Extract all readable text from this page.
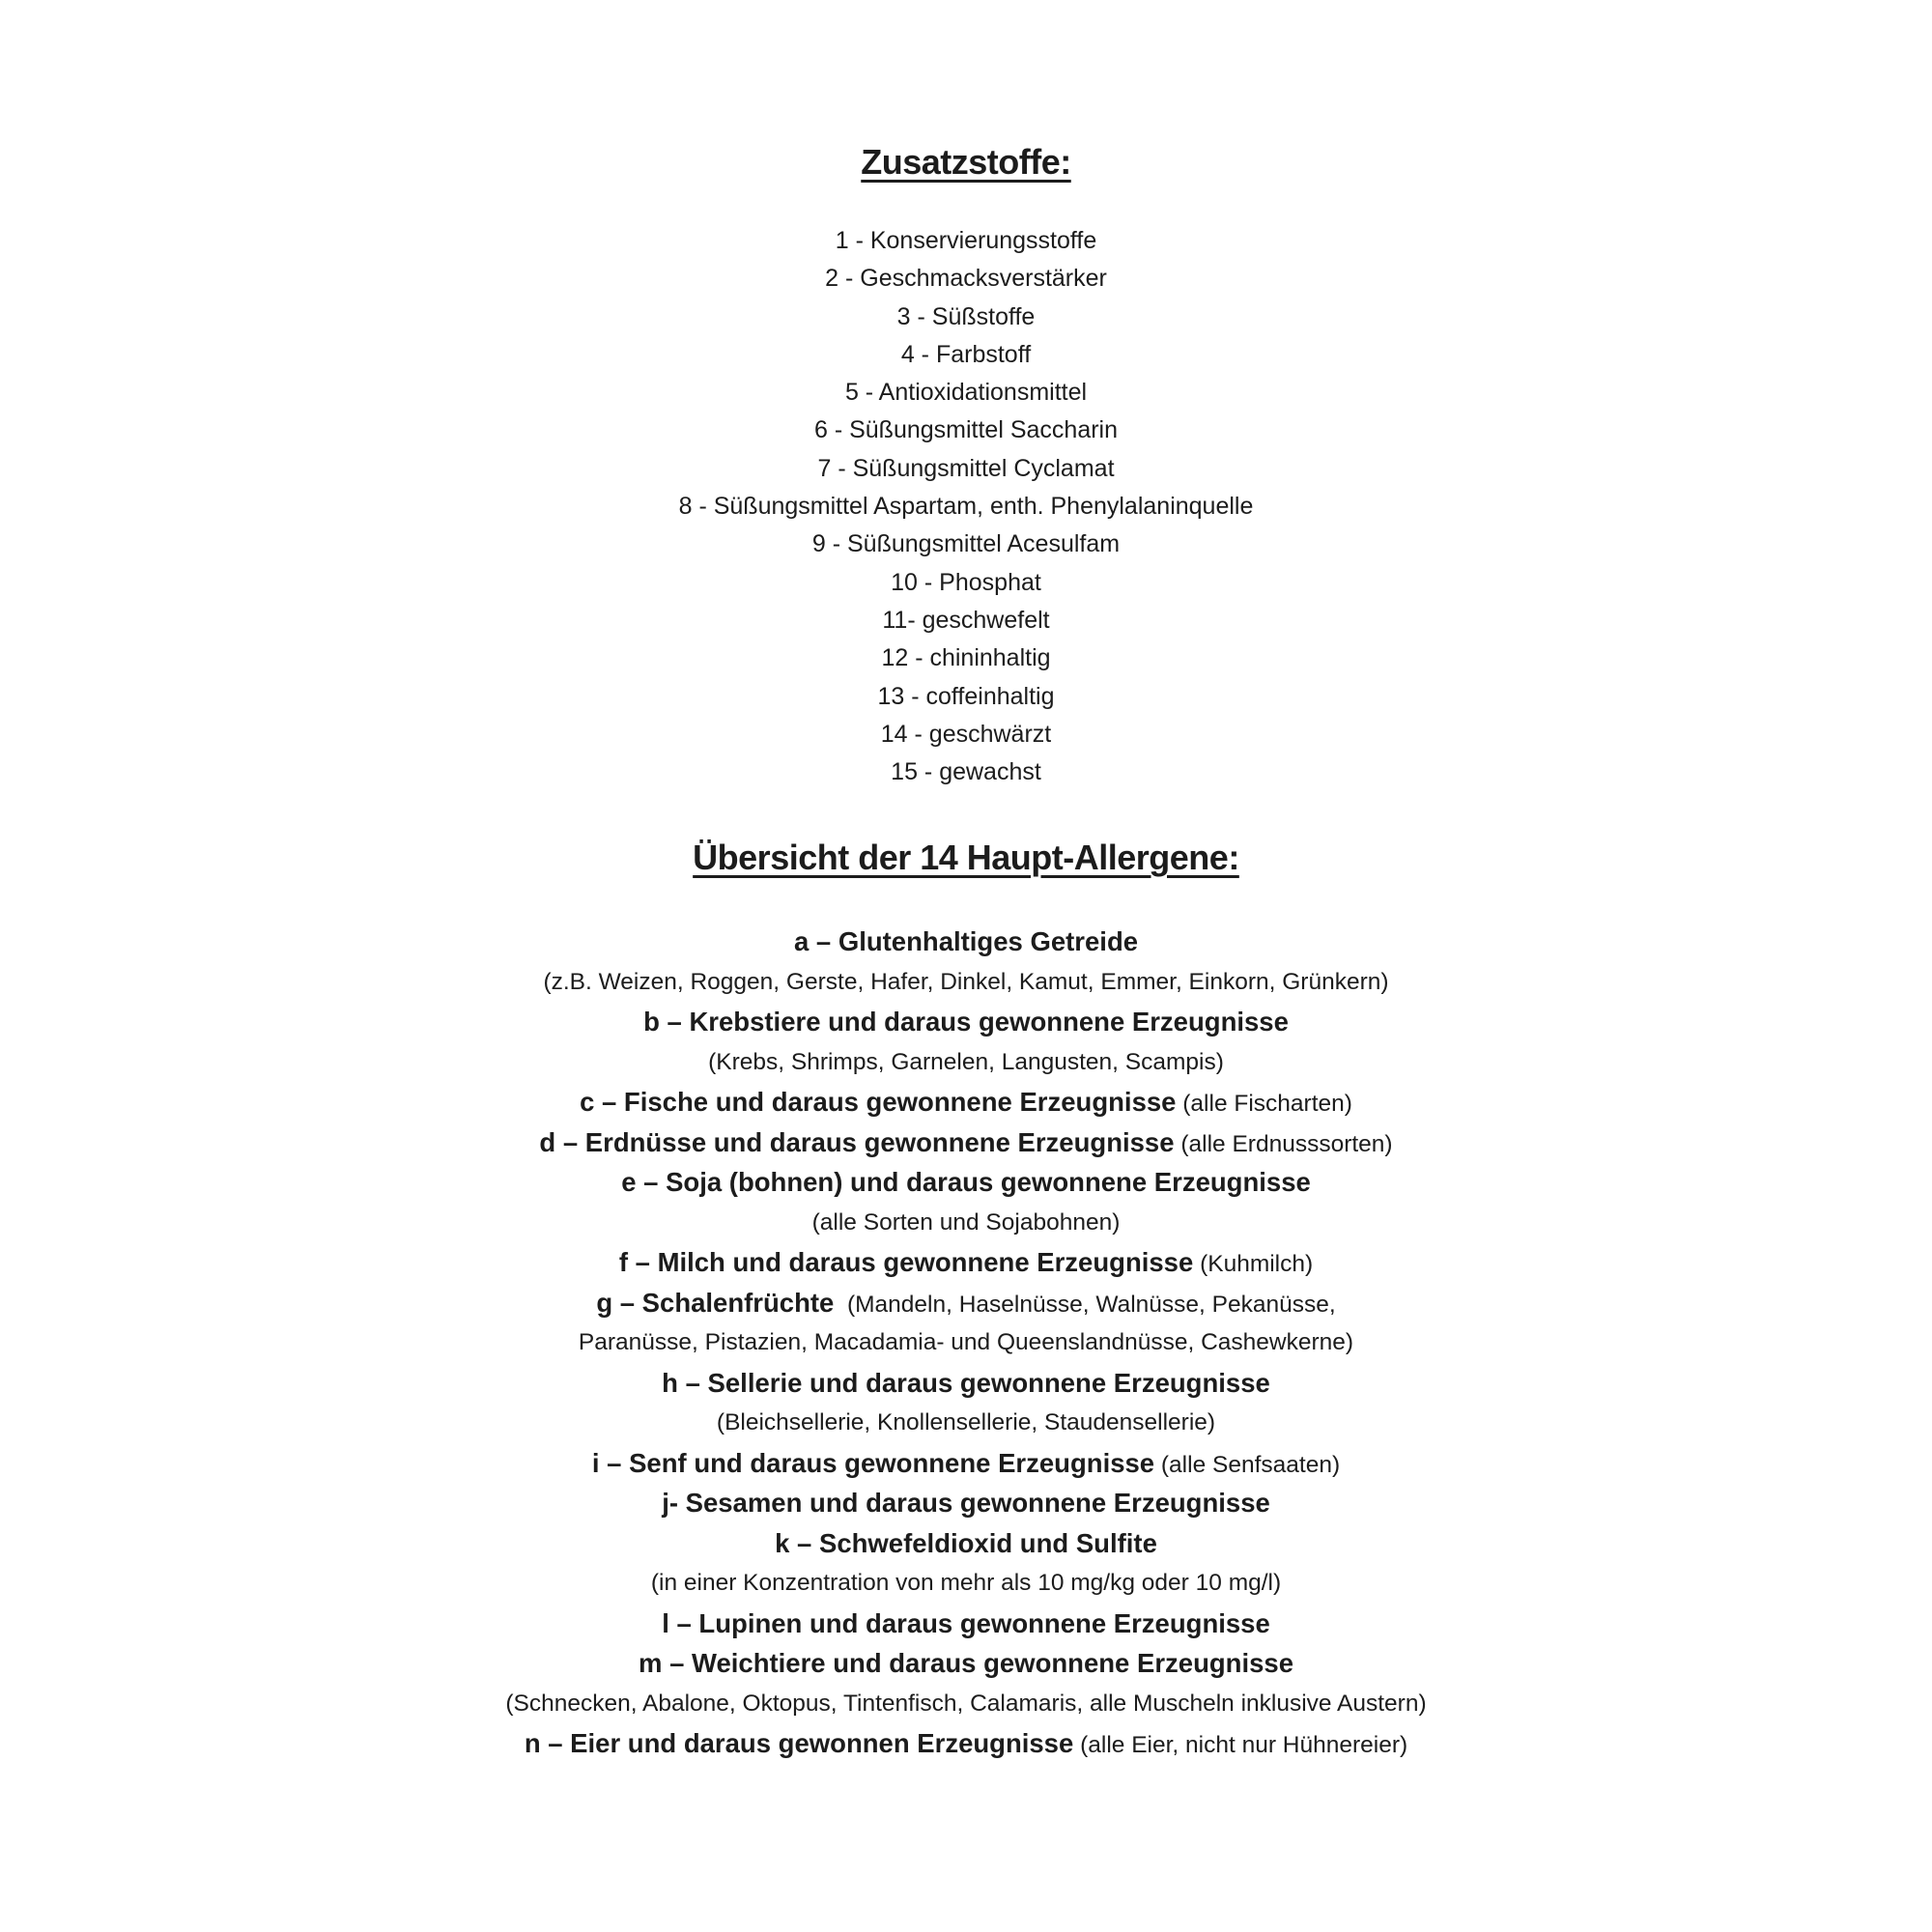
Zusatzstoffe:
1 - Konservierungsstoffe
2 - Geschmacksverstärker
3 - Süßstoffe
4 - Farbstoff
5 - Antioxidationsmittel
6 - Süßungsmittel Saccharin
7 - Süßungsmittel Cyclamat
8 - Süßungsmittel Aspartam, enth. Phenylalaninquelle
9 - Süßungsmittel Acesulfam
10 - Phosphat
11- geschwefelt
12 - chininhaltig
13 - coffeinhaltig
14 - geschwärzt
15 - gewachst
Übersicht der 14 Haupt-Allergene:
a – Glutenhaltiges Getreide
(z.B. Weizen, Roggen, Gerste, Hafer, Dinkel, Kamut, Emmer, Einkorn, Grünkern)
b – Krebstiere und daraus gewonnene Erzeugnisse
(Krebs, Shrimps, Garnelen, Langusten, Scampis)
c – Fische und daraus gewonnene Erzeugnisse (alle Fischarten)
d – Erdnüsse und daraus gewonnene Erzeugnisse (alle Erdnusssorten)
e – Soja (bohnen) und daraus gewonnene Erzeugnisse
(alle Sorten und Sojabohnen)
f – Milch und daraus gewonnene Erzeugnisse (Kuhmilch)
g – Schalenfrüchte  (Mandeln, Haselnüsse, Walnüsse, Pekanüsse,
Paranüsse, Pistazien, Macadamia- und Queenslandnüsse, Cashewkerne)
h – Sellerie und daraus gewonnene Erzeugnisse
(Bleichsellerie, Knollensellerie, Staudensellerie)
i – Senf und daraus gewonnene Erzeugnisse (alle Senfsaaten)
j- Sesamen und daraus gewonnene Erzeugnisse
k – Schwefeldioxid und Sulfite
(in einer Konzentration von mehr als 10 mg/kg oder 10 mg/l)
l – Lupinen und daraus gewonnene Erzeugnisse
m – Weichtiere und daraus gewonnene Erzeugnisse
(Schnecken, Abalone, Oktopus, Tintenfisch, Calamaris, alle Muscheln inklusive Austern)
n – Eier und daraus gewonnen Erzeugnisse (alle Eier, nicht nur Hühnereier)
